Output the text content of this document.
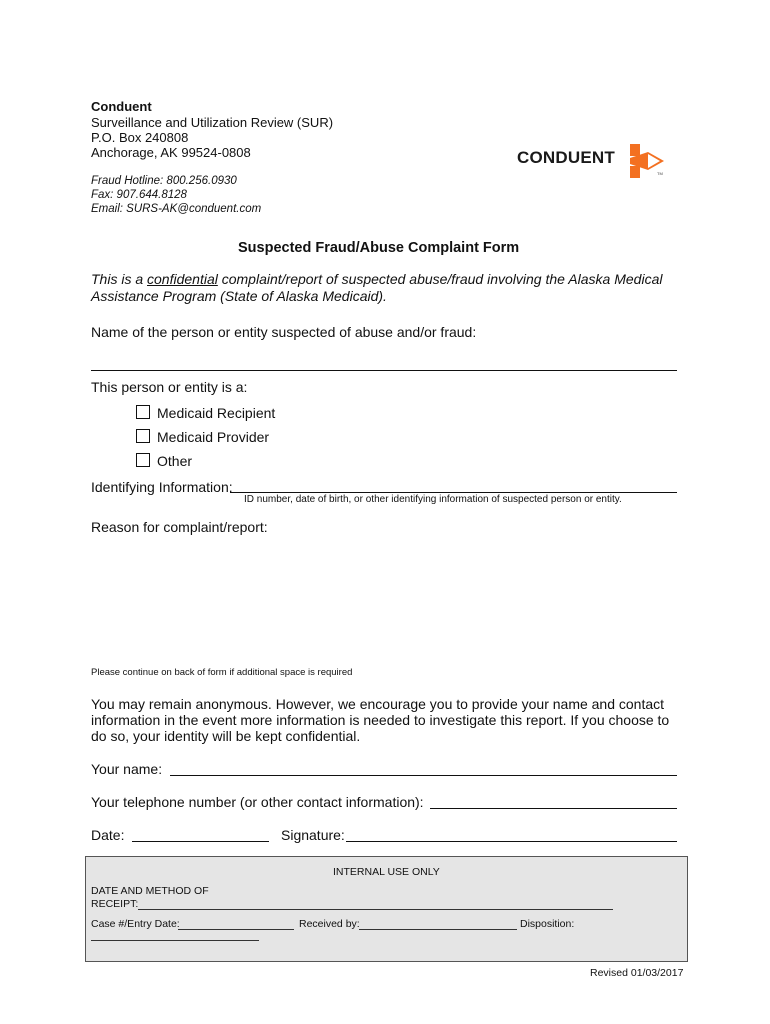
Conduent
Surveillance and Utilization Review (SUR)
P.O. Box 240808
Anchorage, AK 99524-0808
Fraud Hotline: 800.256.0930
Fax: 907.644.8128
Email: SURS-AK@conduent.com
CONDUENT
TM
Suspected Fraud/Abuse Complaint Form
This is a confidential complaint/report of suspected abuse/fraud involving the Alaska Medical Assistance Program (State of Alaska Medicaid).
Name of the person or entity suspected of abuse and/or fraud:
This person or entity is a:
Medicaid Recipient
Medicaid Provider
Other
Identifying Information:
ID number, date of birth, or other identifying information of suspected person or entity.
Reason for complaint/report:
Please continue on back of form if additional space is required
You may remain anonymous. However, we encourage you to provide your name and contact information in the event more information is needed to investigate this report. If you choose to do so, your identity will be kept confidential.
Your name:
Your telephone number (or other contact information):
Date:	Signature:
INTERNAL USE ONLY
DATE AND METHOD OF
RECEIPT:
Case #/Entry Date:	Received by:	Disposition:
Revised 01/03/2017
